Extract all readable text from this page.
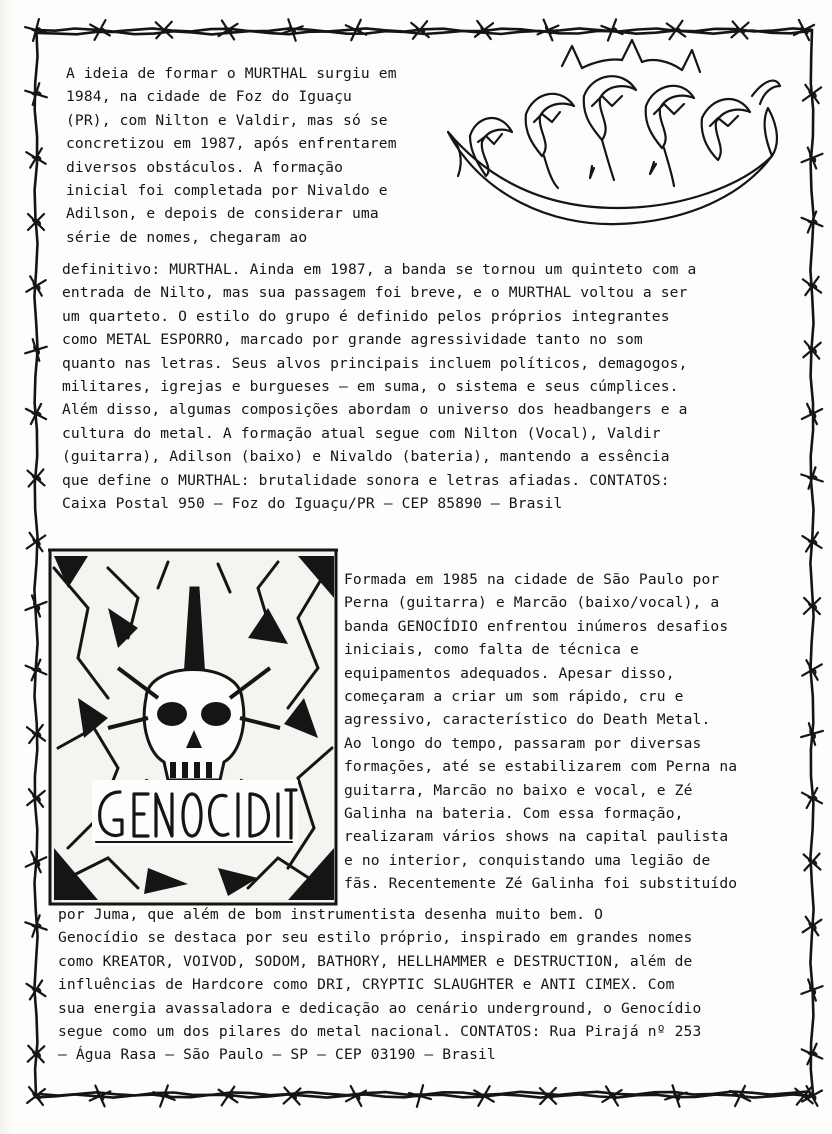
A ideia de formar o MURTHAL surgiu em
1984, na cidade de Foz do Iguaçu
(PR), com Nilton e Valdir, mas só se
concretizou em 1987, após enfrentarem
diversos obstáculos. A formação
inicial foi completada por Nivaldo e
Adilson, e depois de considerar uma
série de nomes, chegaram ao
definitivo: MURTHAL. Ainda em 1987, a banda se tornou um quinteto com a
entrada de Nilto, mas sua passagem foi breve, e o MURTHAL voltou a ser
um quarteto. O estilo do grupo é definido pelos próprios integrantes
como METAL ESPORRO, marcado por grande agressividade tanto no som
quanto nas letras. Seus alvos principais incluem políticos, demagogos,
militares, igrejas e burgueses – em suma, o sistema e seus cúmplices.
Além disso, algumas composições abordam o universo dos headbangers e a
cultura do metal. A formação atual segue com Nilton (Vocal), Valdir
(guitarra), Adilson (baixo) e Nivaldo (bateria), mantendo a essência
que define o MURTHAL: brutalidade sonora e letras afiadas. CONTATOS:
Caixa Postal 950 – Foz do Iguaçu/PR – CEP 85890 – Brasil
Formada em 1985 na cidade de São Paulo por
Perna (guitarra) e Marcão (baixo/vocal), a
banda GENOCÍDIO enfrentou inúmeros desafios
iniciais, como falta de técnica e
equipamentos adequados. Apesar disso,
começaram a criar um som rápido, cru e
agressivo, característico do Death Metal.
Ao longo do tempo, passaram por diversas
formações, até se estabilizarem com Perna na
guitarra, Marcão no baixo e vocal, e Zé
Galinha na bateria. Com essa formação,
realizaram vários shows na capital paulista
e no interior, conquistando uma legião de
fãs. Recentemente Zé Galinha foi substituído
por Juma, que além de bom instrumentista desenha muito bem. O
Genocídio se destaca por seu estilo próprio, inspirado em grandes nomes
como KREATOR, VOIVOD, SODOM, BATHORY, HELLHAMMER e DESTRUCTION, além de
influências de Hardcore como DRI, CRYPTIC SLAUGHTER e ANTI CIMEX. Com
sua energia avassaladora e dedicação ao cenário underground, o Genocídio
segue como um dos pilares do metal nacional. CONTATOS: Rua Pirajá nº 253
– Água Rasa – São Paulo – SP – CEP 03190 – Brasil
